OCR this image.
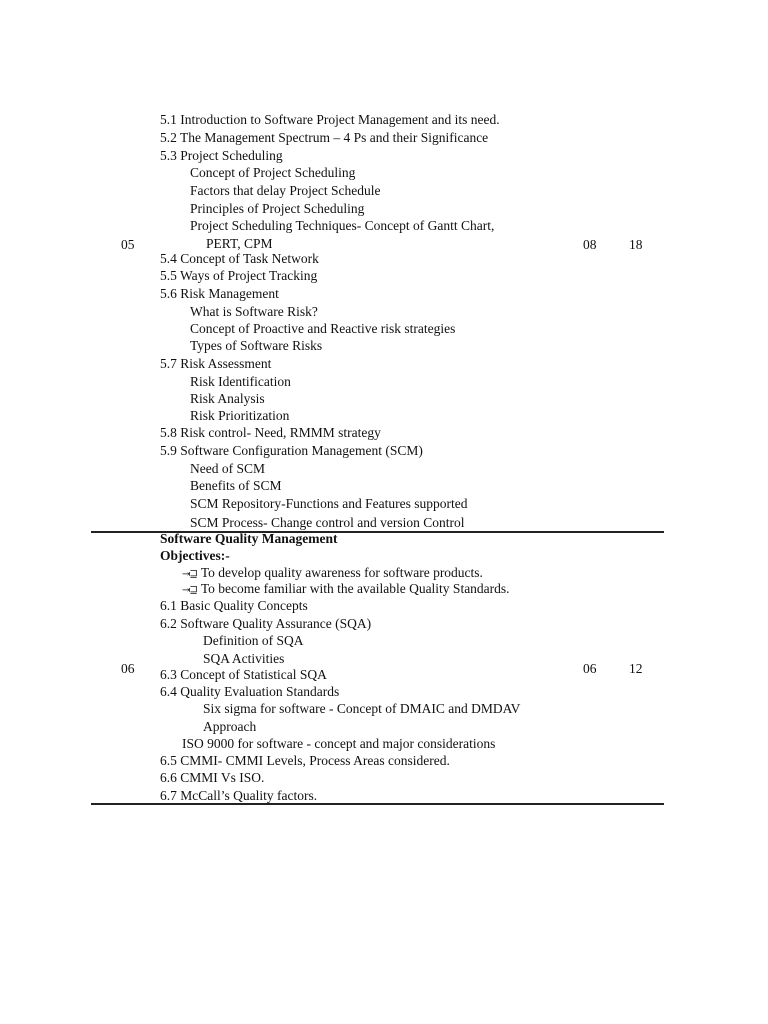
5.1 Introduction to Software Project Management and its need.
5.2 The Management Spectrum – 4 Ps and their Significance
5.3 Project Scheduling
Concept of Project Scheduling
Factors that delay Project Schedule
Principles of Project Scheduling
Project Scheduling Techniques- Concept of Gantt Chart,
PERT, CPM
5.4 Concept of Task Network
5.5 Ways of Project Tracking
5.6 Risk Management
What is Software Risk?
Concept of Proactive and Reactive risk strategies
Types of Software Risks
5.7 Risk Assessment
Risk Identification
Risk Analysis
Risk Prioritization
5.8 Risk control- Need, RMMM strategy
5.9 Software Configuration Management (SCM)
Need of SCM
Benefits of SCM
SCM Repository-Functions and Features supported
SCM Process- Change control and version Control
05	08 18
Software Quality Management
Objectives:-
⇥⊒ To develop quality awareness for software products.
⇥⊒ To become familiar with the available Quality Standards.
6.1 Basic Quality Concepts
6.2 Software Quality Assurance (SQA)
Definition of SQA
SQA Activities
6.3 Concept of Statistical SQA
6.4 Quality Evaluation Standards
Six sigma for software - Concept of DMAIC and DMDAV
Approach
ISO 9000 for software - concept and major considerations
6.5 CMMI- CMMI Levels, Process Areas considered.
6.6 CMMI Vs ISO.
6.7 McCall’s Quality factors.
06	06 12
